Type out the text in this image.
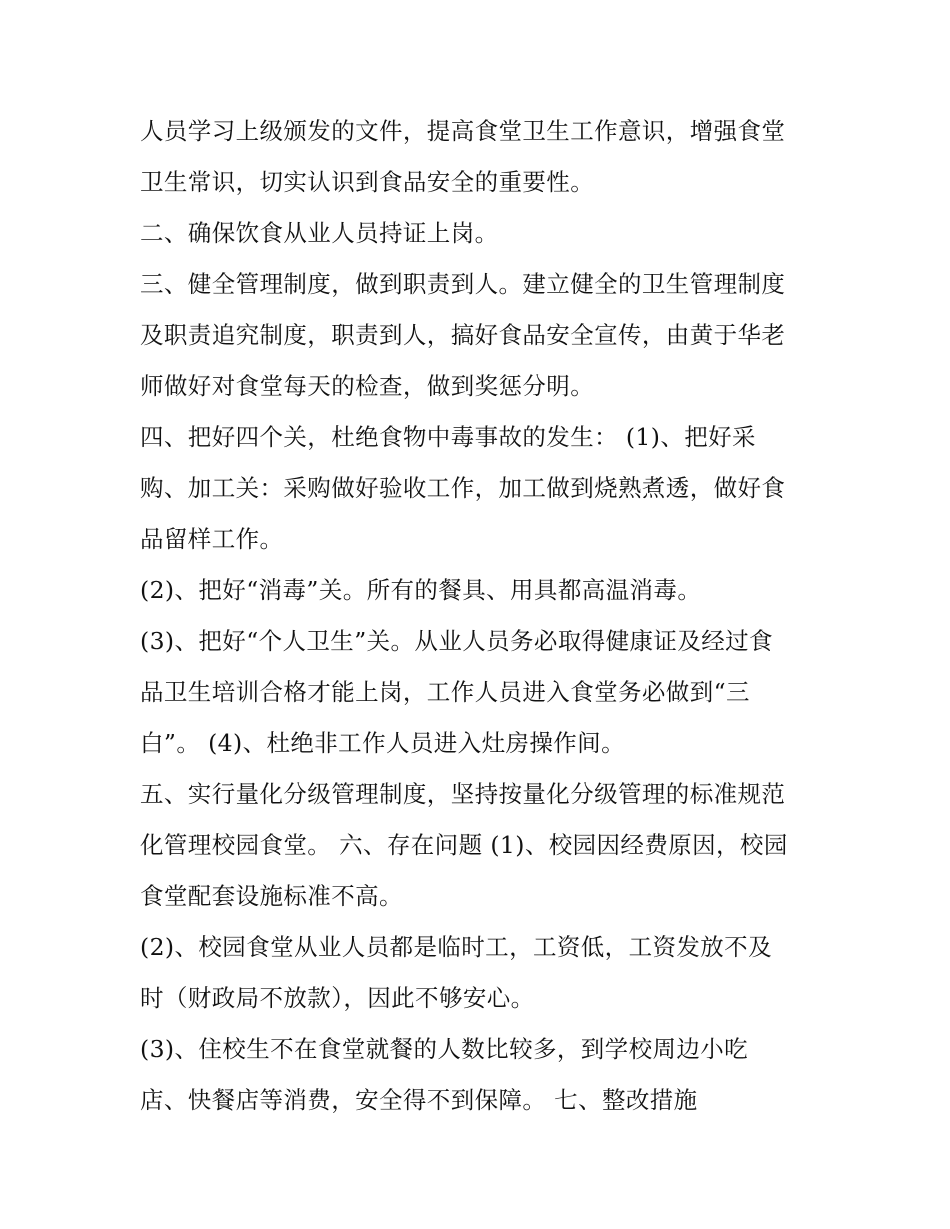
人员学习上级颁发的文件，提高食堂卫生工作意识，增强食堂
卫生常识，切实认识到食品安全的重要性。
二、确保饮食从业人员持证上岗。
三、健全管理制度，做到职责到人。建立健全的卫生管理制度
及职责追究制度，职责到人，搞好食品安全宣传，由黄于华老
师做好对食堂每天的检查，做到奖惩分明。
四、把好四个关，杜绝食物中毒事故的发生： (1)、把好采
购、加工关：采购做好验收工作，加工做到烧熟煮透，做好食
品留样工作。
(2)、把好“消毒”关。所有的餐具、用具都高温消毒。
(3)、把好“个人卫生”关。从业人员务必取得健康证及经过食
品卫生培训合格才能上岗，工作人员进入食堂务必做到“三
白”。 (4)、杜绝非工作人员进入灶房操作间。
五、实行量化分级管理制度，坚持按量化分级管理的标准规范
化管理校园食堂。 六、存在问题 (1)、校园因经费原因，校园
食堂配套设施标准不高。
(2)、校园食堂从业人员都是临时工，工资低，工资发放不及
时（财政局不放款），因此不够安心。
(3)、住校生不在食堂就餐的人数比较多，到学校周边小吃
店、快餐店等消费，安全得不到保障。 七、整改措施
